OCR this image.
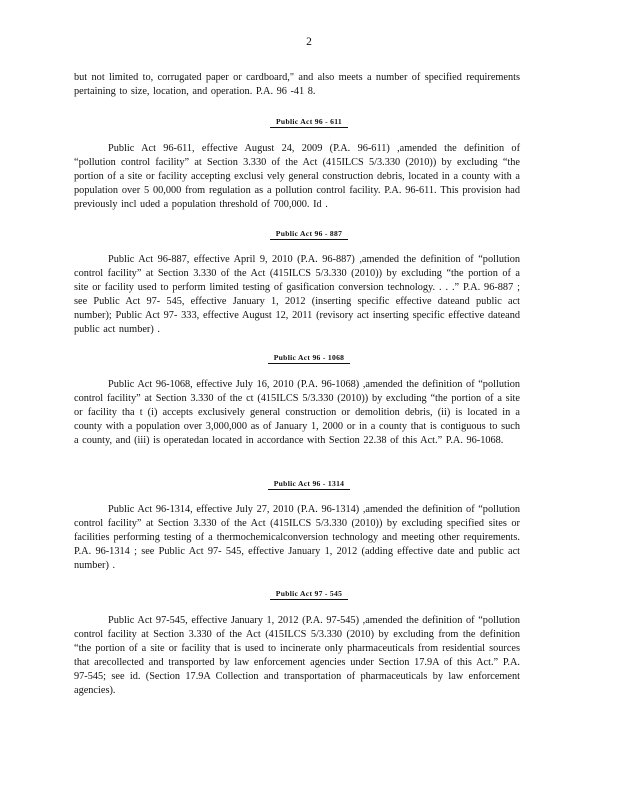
2
but not limited to, corrugated paper or cardboard," and also meets a number of specified requirements pertaining to size, location, and operation. P.A. 96 -41 8.
Public Act 96 - 611
Public Act 96-611, effective August 24, 2009 (P.A. 96-611) ,amended the definition of “pollution control facility” at Section 3.330 of the Act (415ILCS 5/3.330 (2010)) by excluding “the portion of a site or facility accepting exclusi vely general construction debris, located in a county with a population over 5 00,000 from regulation as a pollution control facility. P.A. 96-611. This provision had previously incl uded a population threshold of 700,000. Id .
Public Act 96 - 887
Public Act 96-887, effective April 9, 2010 (P.A. 96-887) ,amended the definition of “pollution control facility” at Section 3.330 of the Act (415ILCS 5/3.330 (2010)) by excluding “the portion of a site or facility used to perform limited testing of gasification conversion technology. . . .” P.A. 96-887 ; see Public Act 97- 545, effective January 1, 2012 (inserting specific effective dateand public act number); Public Act 97- 333, effective August 12, 2011 (revisory act inserting specific effective dateand public act number) .
Public Act 96 - 1068
Public Act 96-1068, effective July 16, 2010 (P.A. 96-1068) ,amended the definition of “pollution control facility” at Section 3.330 of the ct (415ILCS 5/3.330 (2010)) by excluding “the portion of a site or facility tha t (i) accepts exclusively general construction or demolition debris, (ii) is located in a county with a population over 3,000,000 as of January 1, 2000 or in a county that is contiguous to such a county, and (iii) is operatedan located in accordance with Section 22.38 of this Act.” P.A. 96-1068.
Public Act 96 - 1314
Public Act 96-1314, effective July 27, 2010 (P.A. 96-1314) ,amended the definition of “pollution control facility” at Section 3.330 of the Act (415ILCS 5/3.330 (2010)) by excluding specified sites or facilities performing testing of a thermochemicalconversion technology and meeting other requirements. P.A. 96-1314 ; see Public Act 97- 545, effective January 1, 2012 (adding effective date and public act number) .
Public Act 97 - 545
Public Act 97-545, effective January 1, 2012 (P.A. 97-545) ,amended the definition of “pollution control facility at Section 3.330 of the Act (415ILCS 5/3.330 (2010) by excluding from the definition “the portion of a site or facility that is used to incinerate only pharmaceuticals from residential sources that arecollected and transported by law enforcement agencies under Section 17.9A of this Act.” P.A. 97-545; see id. (Section 17.9A Collection and transportation of pharmaceuticals by law enforcement agencies).
